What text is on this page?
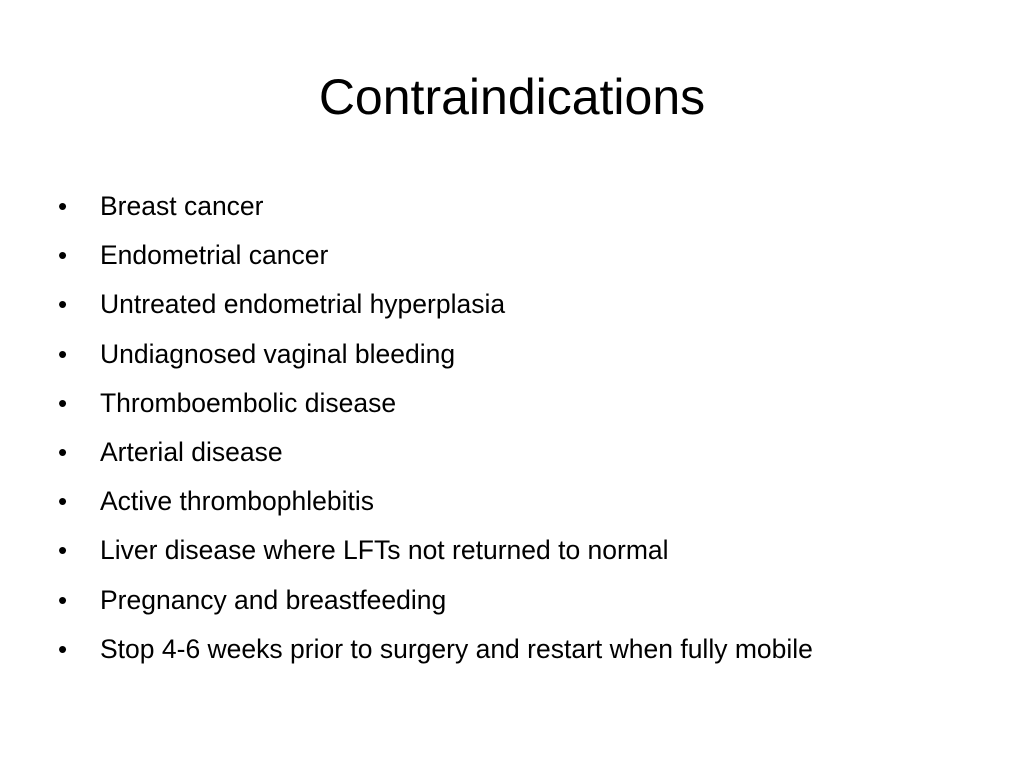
Contraindications
•	Breast cancer
•	Endometrial cancer
•	Untreated endometrial hyperplasia
•	Undiagnosed vaginal bleeding
•	Thromboembolic disease
•	Arterial disease
•	Active thrombophlebitis
•	Liver disease where LFTs not returned to normal
•	Pregnancy and breastfeeding
•	Stop 4-6 weeks prior to surgery and restart when fully mobile
